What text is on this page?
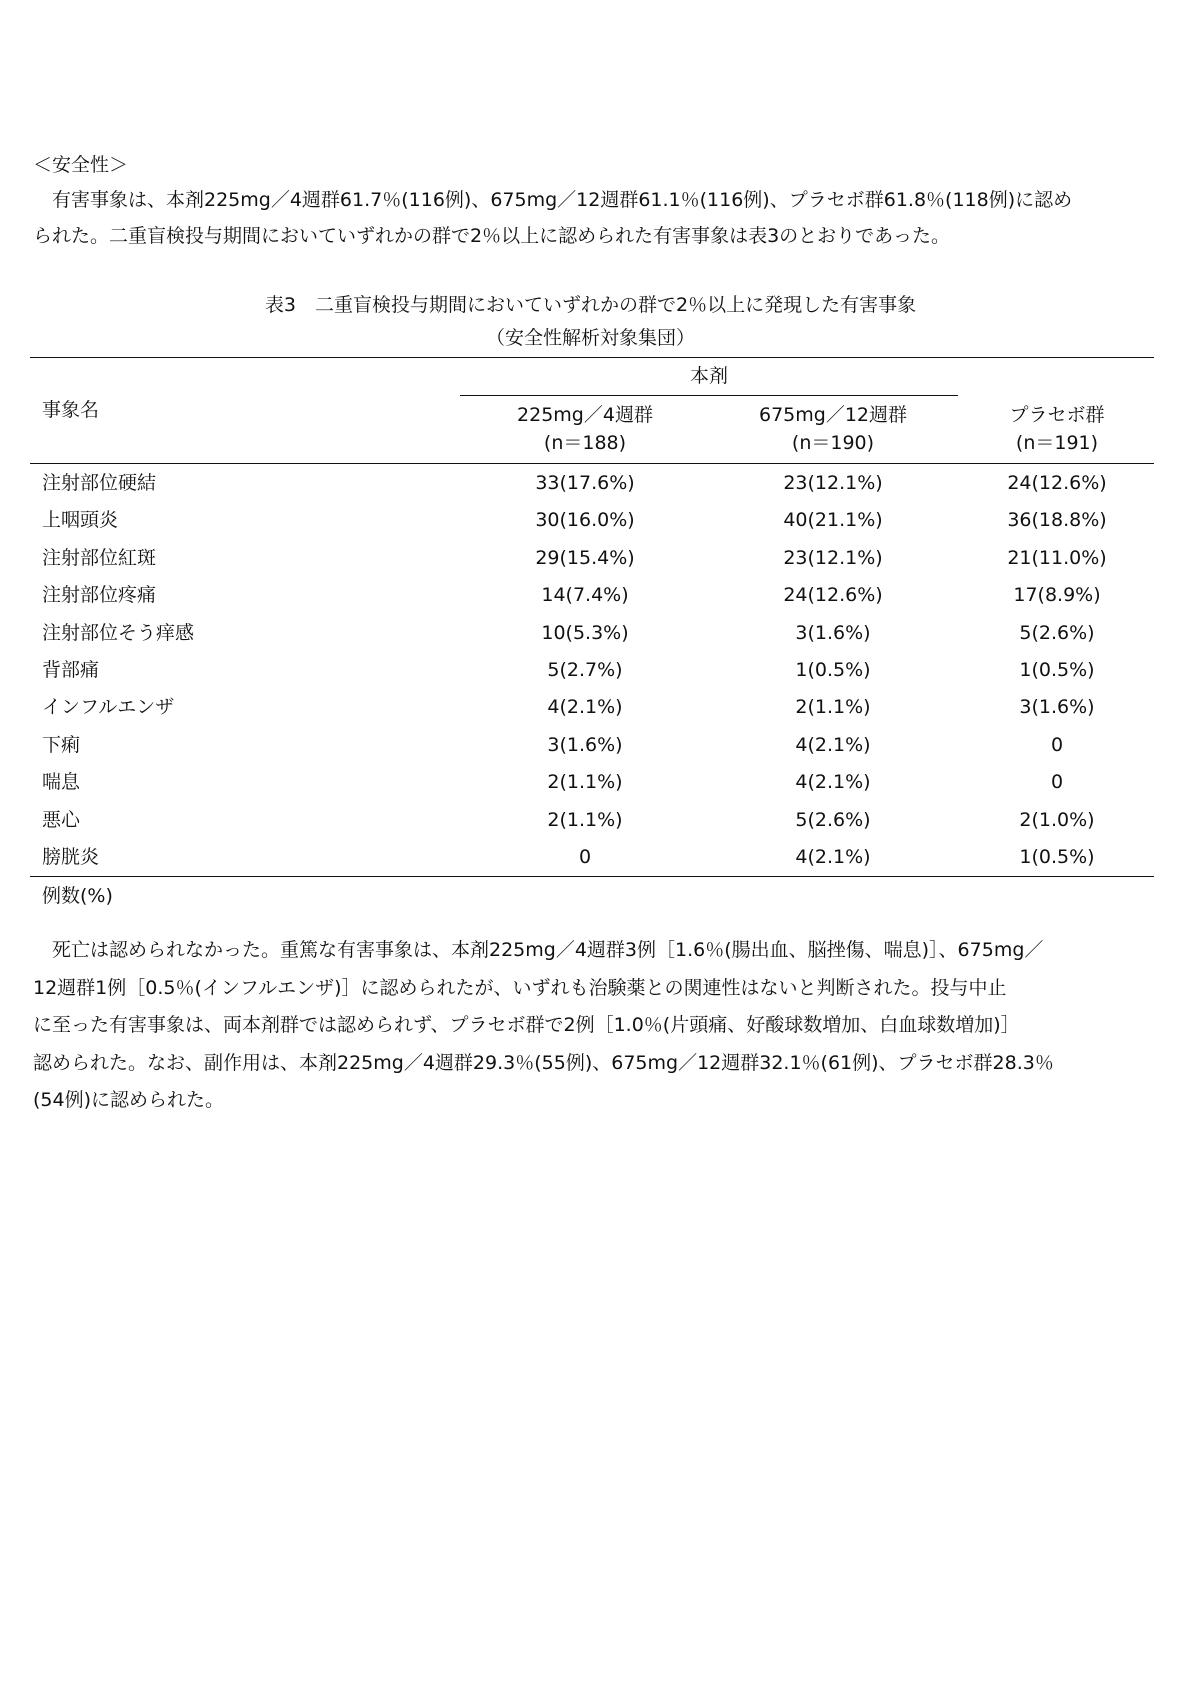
＜安全性＞
　有害事象は、本剤225mg／4週群61.7％(116例)、675mg／12週群61.1％(116例)、プラセボ群61.8％(118例)に認め
られた。二重盲検投与期間においていずれかの群で2％以上に認められた有害事象は表3のとおりであった。
表3　二重盲検投与期間においていずれかの群で2％以上に発現した有害事象
（安全性解析対象集団）
本剤
事象名	225mg／4週群
(n＝188)
675mg／12週群
(n＝190)
プラセボ群
(n＝191)
注射部位硬結	33(17.6%)	23(12.1%)	24(12.6%)
上咽頭炎	30(16.0%)	40(21.1%)	36(18.8%)
注射部位紅斑	29(15.4%)	23(12.1%)	21(11.0%)
注射部位疼痛	14(7.4%)	24(12.6%)	17(8.9%)
注射部位そう痒感	10(5.3%)	3(1.6%)	5(2.6%)
背部痛	5(2.7%)	1(0.5%)	1(0.5%)
インフルエンザ	4(2.1%)	2(1.1%)	3(1.6%)
下痢	3(1.6%)	4(2.1%)	0
喘息	2(1.1%)	4(2.1%)	0
悪心	2(1.1%)	5(2.6%)	2(1.0%)
膀胱炎	0	4(2.1%)	1(0.5%)
例数(%)
　死亡は認められなかった。重篤な有害事象は、本剤225mg／4週群3例［1.6％(腸出血、脳挫傷、喘息)］、675mg／
12週群1例［0.5％(インフルエンザ)］に認められたが、いずれも治験薬との関連性はないと判断された。投与中止
に至った有害事象は、両本剤群では認められず、プラセボ群で2例［1.0％(片頭痛、好酸球数増加、白血球数増加)］
認められた。なお、副作用は、本剤225mg／4週群29.3％(55例)、675mg／12週群32.1％(61例)、プラセボ群28.3％
(54例)に認められた。
